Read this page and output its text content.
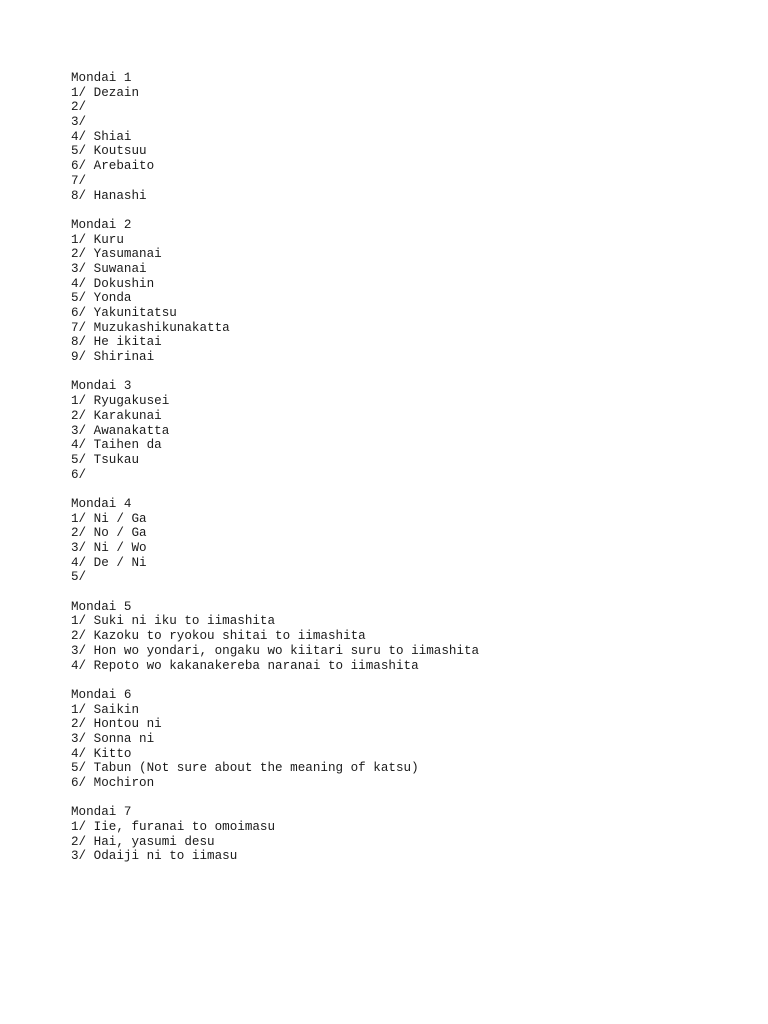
Mondai 1
1/ Dezain
2/
3/
4/ Shiai
5/ Koutsuu
6/ Arebaito
7/
8/ Hanashi
Mondai 2
1/ Kuru
2/ Yasumanai
3/ Suwanai
4/ Dokushin
5/ Yonda
6/ Yakunitatsu
7/ Muzukashikunakatta
8/ He ikitai
9/ Shirinai
Mondai 3
1/ Ryugakusei
2/ Karakunai
3/ Awanakatta
4/ Taihen da
5/ Tsukau
6/
Mondai 4
1/ Ni / Ga
2/ No / Ga
3/ Ni / Wo
4/ De / Ni
5/
Mondai 5
1/ Suki ni iku to iimashita
2/ Kazoku to ryokou shitai to iimashita
3/ Hon wo yondari, ongaku wo kiitari suru to iimashita
4/ Repoto wo kakanakereba naranai to iimashita
Mondai 6
1/ Saikin
2/ Hontou ni
3/ Sonna ni
4/ Kitto
5/ Tabun (Not sure about the meaning of katsu)
6/ Mochiron
Mondai 7
1/ Iie, furanai to omoimasu
2/ Hai, yasumi desu
3/ Odaiji ni to iimasu
